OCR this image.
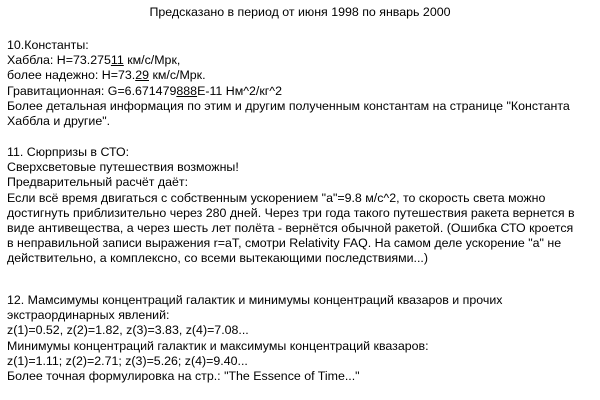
Предсказано в период от июня 1998 по январь 2000
10.Константы:
Хаббла: H=73.27511 км/с/Мрк,
более надежно: H=73.29 км/с/Мрк.
Гравитационная: G=6.671479888E-11 Нм^2/кг^2
Более детальная информация по этим и другим полученным константам на странице "Константа
Хаббла и другие".
11. Сюрпризы в СТО:
Сверхсветовые путешествия возможны!
Предварительный расчёт даёт:
Если всё время двигаться с собственным ускорением "а"=9.8 м/с^2, то скорость света можно
достигнуть приблизительно через 280 дней. Через три года такого путешествия ракета вернется в
виде антивещества, а через шесть лет полёта - вернётся обычной ракетой. (Ошибка СТО кроется
в неправильной записи выражения r=aT, смотри Relativity FAQ. На самом деле ускорение "а" не
действительно, а комплексно, со всеми вытекающими последствиями...)
12. Мамсимумы концентраций галактик и минимумы концентраций квазаров и прочих
экстраординарных явлений:
z(1)=0.52, z(2)=1.82, z(3)=3.83, z(4)=7.08...
Минимумы концентраций галактик и максимумы концентраций квазаров:
z(1)=1.11; z(2)=2.71; z(3)=5.26; z(4)=9.40...
Более точная формулировка на стр.: "The Essence of Time..."
